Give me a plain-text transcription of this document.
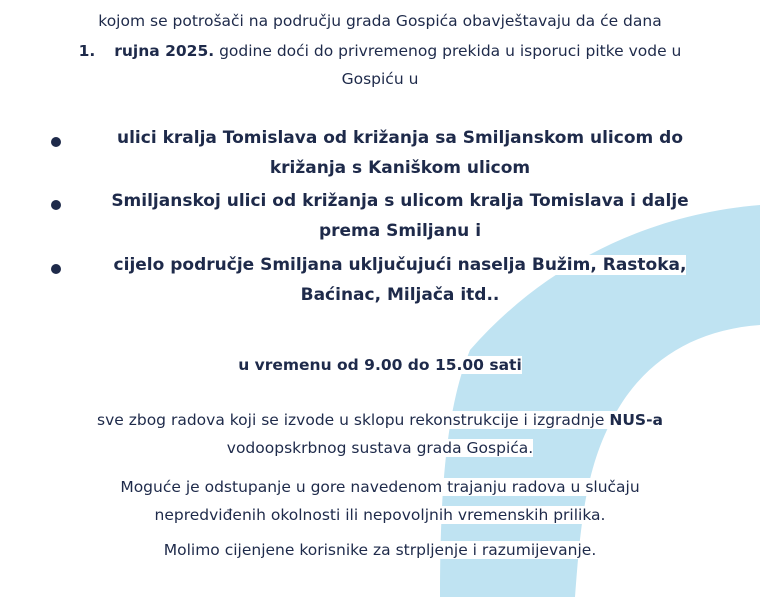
kojom se potrošači na području grada Gospića obavještavaju da će dana
1. rujna 2025. godine doći do privremenog prekida u isporuci pitke vode u
Gospiću u
ulici kralja Tomislava od križanja sa Smiljanskom ulicom do
križanja s Kaniškom ulicom
Smiljanskoj ulici od križanja s ulicom kralja Tomislava i dalje
prema Smiljanu i
cijelo područje Smiljana uključujući naselja Bužim, Rastoka,
Baćinac, Miljača itd..
u vremenu od 9.00 do 15.00 sati
sve zbog radova koji se izvode u sklopu rekonstrukcije i izgradnje NUS-a
vodoopskrbnog sustava grada Gospića.
Moguće je odstupanje u gore navedenom trajanju radova u slučaju
nepredviđenih okolnosti ili nepovoljnih vremenskih prilika.
Molimo cijenjene korisnike za strpljenje i razumijevanje.
